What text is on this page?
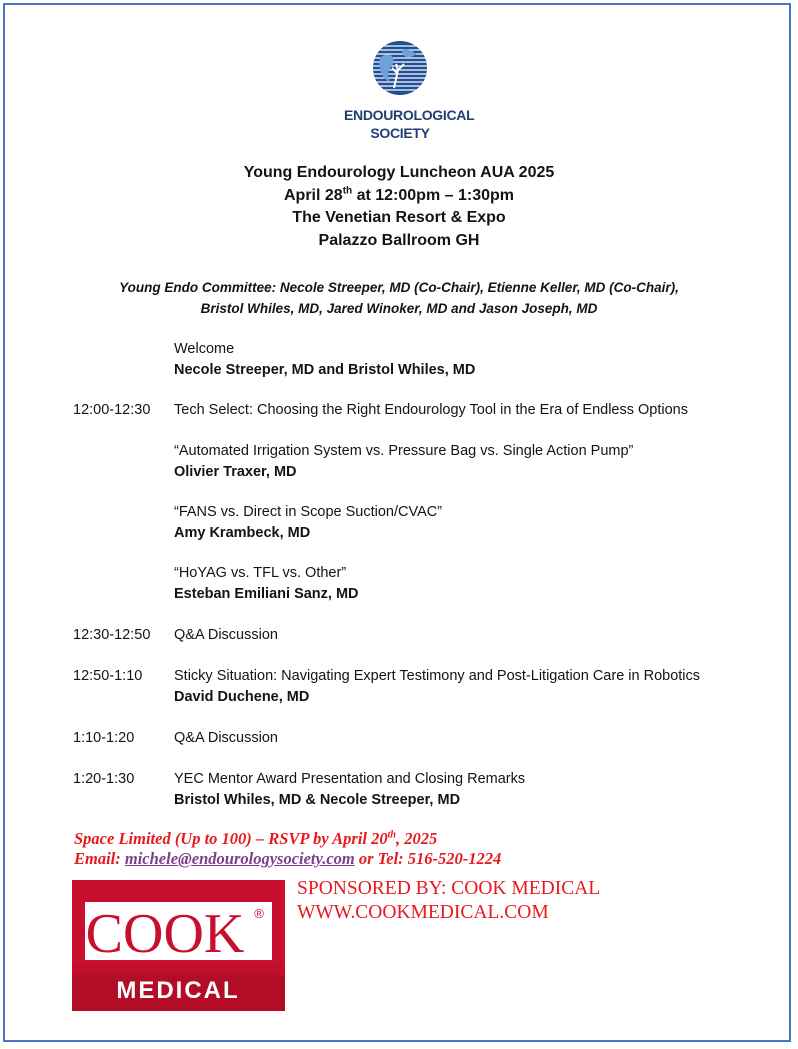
ENDOUROLOGICAL
SOCIETY
Young Endourology Luncheon AUA 2025
April 28th at 12:00pm – 1:30pm
The Venetian Resort & Expo
Palazzo Ballroom GH
Young Endo Committee: Necole Streeper, MD (Co-Chair), Etienne Keller, MD (Co-Chair),
Bristol Whiles, MD, Jared Winoker, MD and Jason Joseph, MD
Welcome
Necole Streeper, MD and Bristol Whiles, MD
12:00-12:30 Tech Select: Choosing the Right Endourology Tool in the Era of Endless Options
“Automated Irrigation System vs. Pressure Bag vs. Single Action Pump”
Olivier Traxer, MD
“FANS vs. Direct in Scope Suction/CVAC”
Amy Krambeck, MD
“HoYAG vs. TFL vs. Other”
Esteban Emiliani Sanz, MD
12:30-12:50 Q&A Discussion
12:50-1:10 Sticky Situation: Navigating Expert Testimony and Post-Litigation Care in Robotics
David Duchene, MD
1:10-1:20	Q&A Discussion
1:20-1:30	YEC Mentor Award Presentation and Closing Remarks
Bristol Whiles, MD & Necole Streeper, MD
Space Limited (Up to 100) – RSVP by April 20th, 2025
Email: michele@endourologysociety.com or Tel: 516-520-1224
COOK ®
MEDICAL
SPONSORED BY: COOK MEDICAL
WWW.COOKMEDICAL.COM
